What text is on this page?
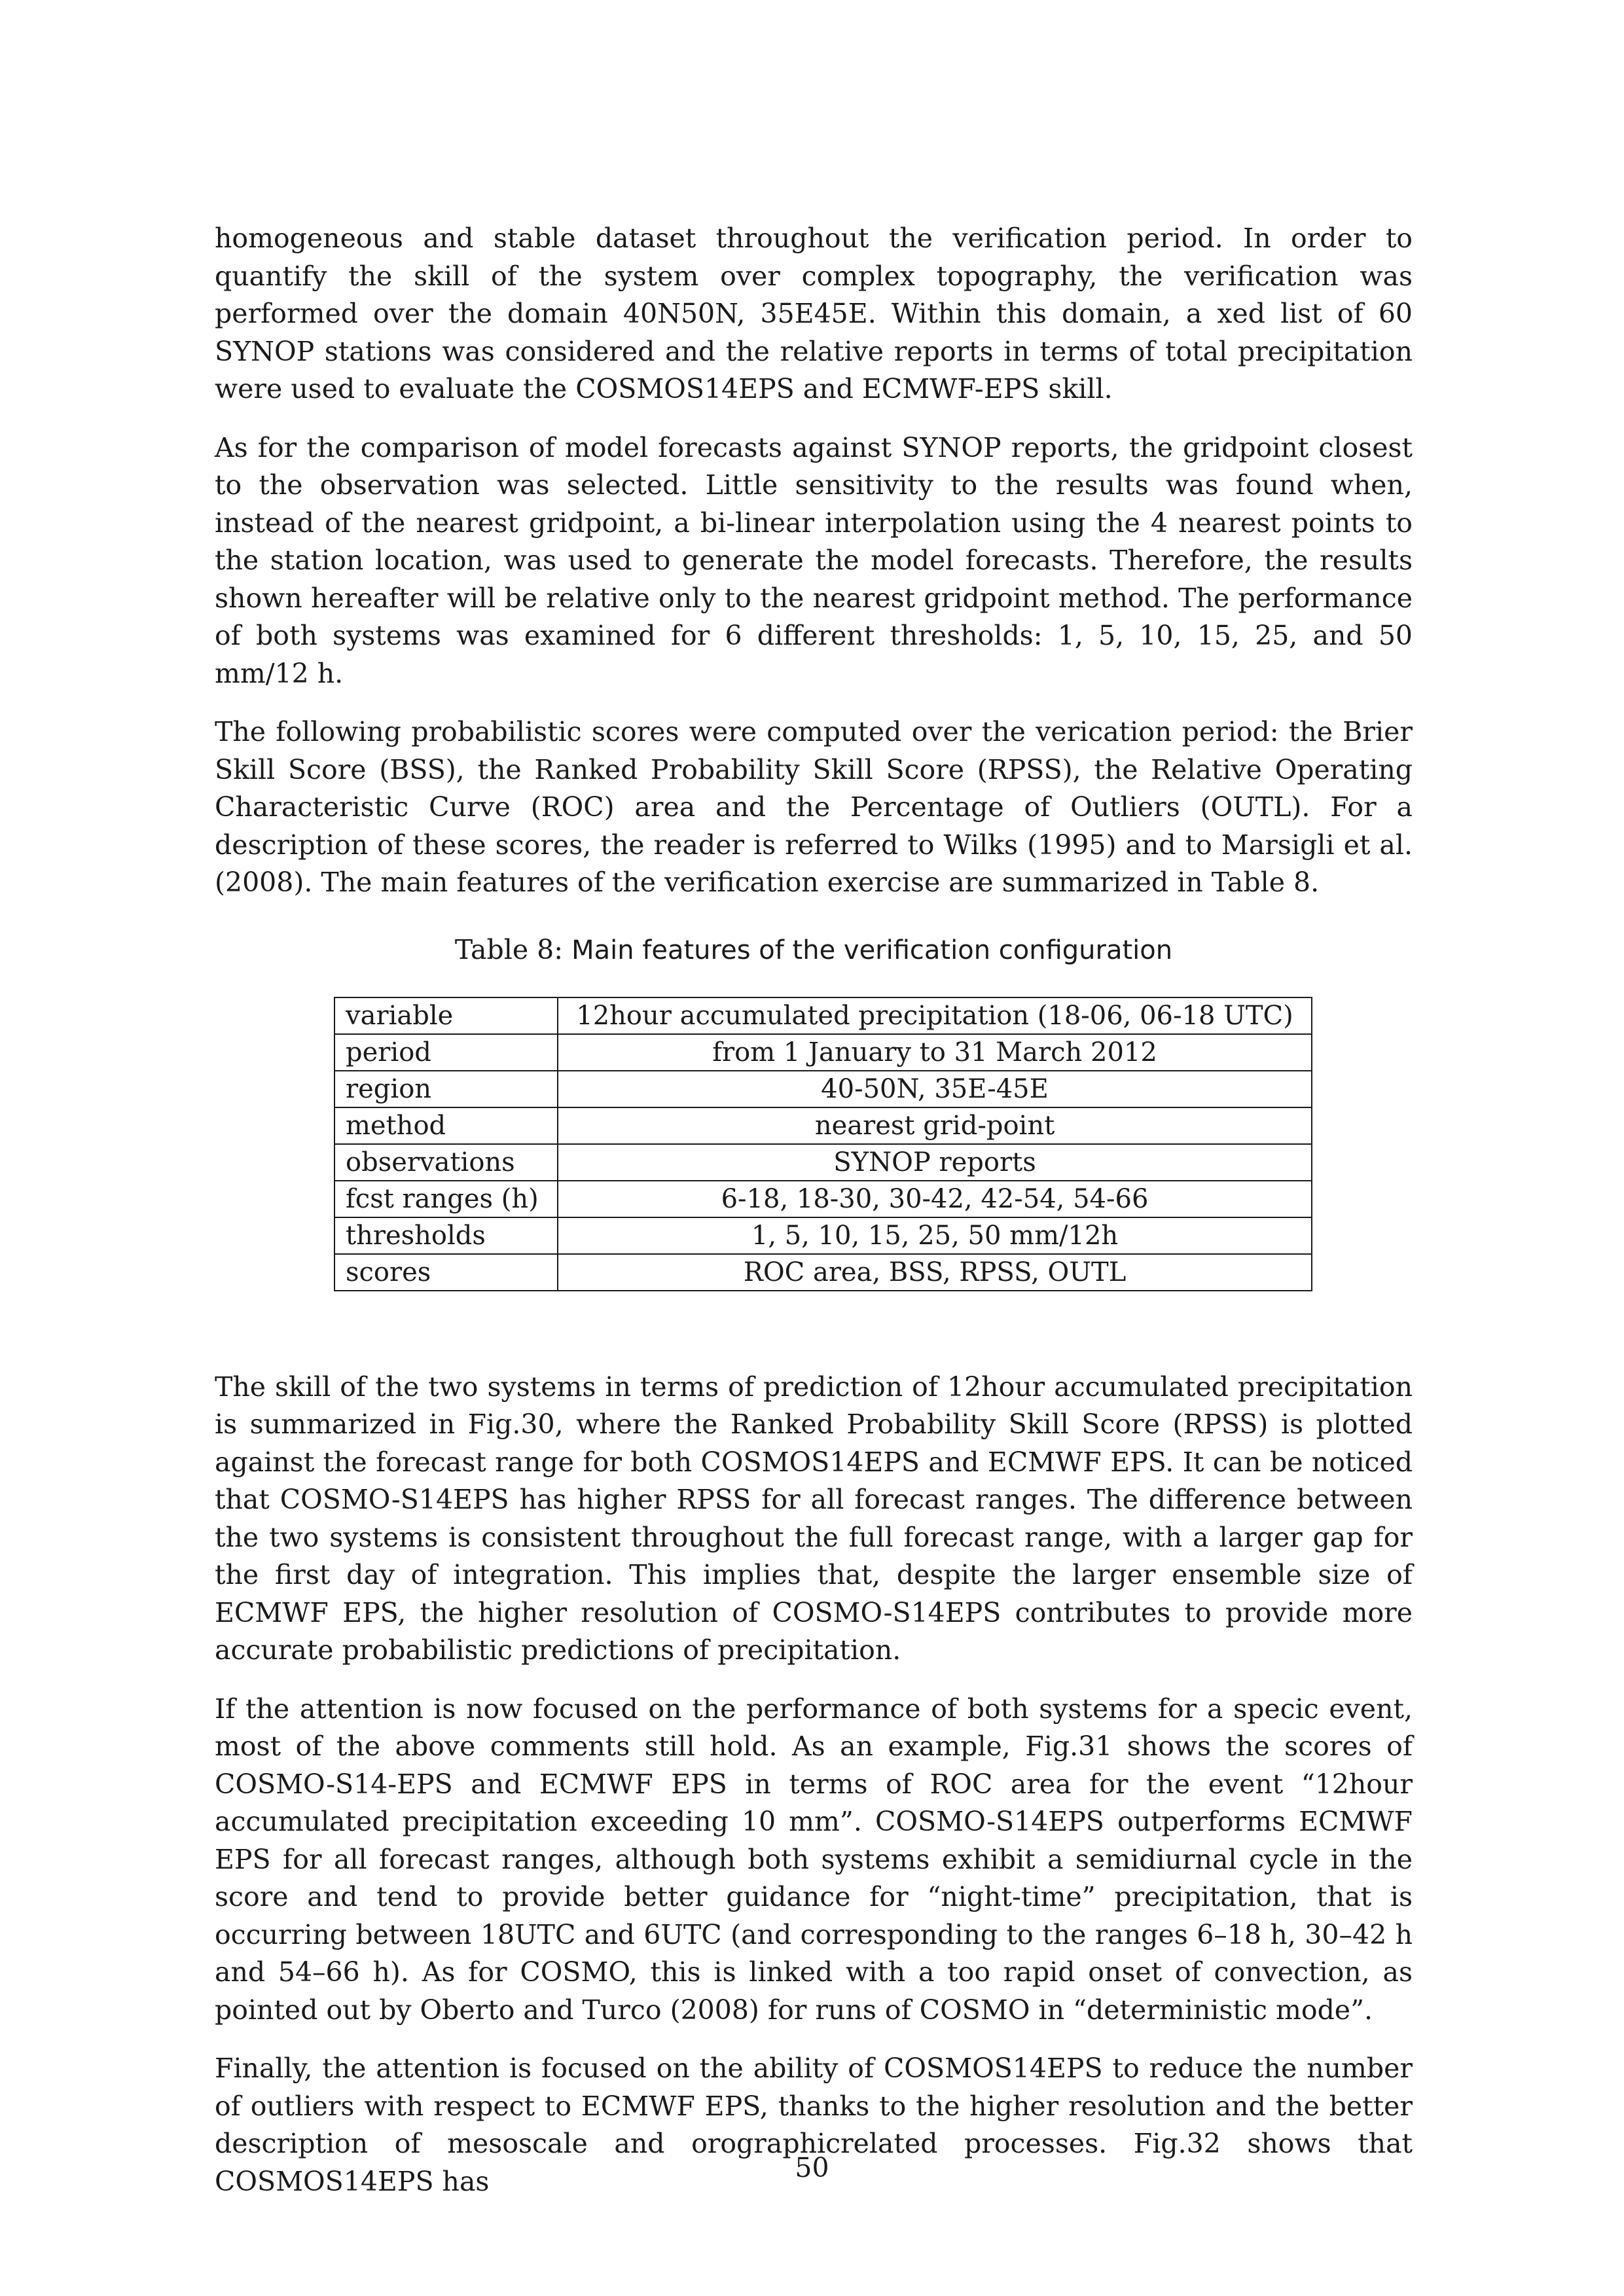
homogeneous and stable dataset throughout the verification period. In order to quantify the skill of the system over complex topography, the verification was performed over the domain 40N50N, 35E45E. Within this domain, a xed list of 60 SYNOP stations was considered and the relative reports in terms of total precipitation were used to evaluate the COSMOS14EPS and ECMWF-EPS skill.

As for the comparison of model forecasts against SYNOP reports, the gridpoint closest to the observation was selected. Little sensitivity to the results was found when, instead of the nearest gridpoint, a bi-linear interpolation using the 4 nearest points to the station location, was used to generate the model forecasts. Therefore, the results shown hereafter will be relative only to the nearest gridpoint method. The performance of both systems was examined for 6 different thresholds: 1, 5, 10, 15, 25, and 50 mm/12 h.

The following probabilistic scores were computed over the verication period: the Brier Skill Score (BSS), the Ranked Probability Skill Score (RPSS), the Relative Operating Characteristic Curve (ROC) area and the Percentage of Outliers (OUTL). For a description of these scores, the reader is referred to Wilks (1995) and to Marsigli et al. (2008). The main features of the verification exercise are summarized in Table 8.

Table 8: Main features of the verification configuration
variable	12hour accumulated precipitation (18-06, 06-18 UTC)
period	from 1 January to 31 March 2012
region	40-50N, 35E-45E
method	nearest grid-point
observations	SYNOP reports
fcst ranges (h)	6-18, 18-30, 30-42, 42-54, 54-66
thresholds	1, 5, 10, 15, 25, 50 mm/12h
scores	ROC area, BSS, RPSS, OUTL

The skill of the two systems in terms of prediction of 12hour accumulated precipitation is summarized in Fig.30, where the Ranked Probability Skill Score (RPSS) is plotted against the forecast range for both COSMOS14EPS and ECMWF EPS. It can be noticed that COSMO-S14EPS has higher RPSS for all forecast ranges. The difference between the two systems is consistent throughout the full forecast range, with a larger gap for the first day of integration. This implies that, despite the larger ensemble size of ECMWF EPS, the higher resolution of COSMO-S14EPS contributes to provide more accurate probabilistic predictions of precipitation.

If the attention is now focused on the performance of both systems for a specic event, most of the above comments still hold. As an example, Fig.31 shows the scores of COSMO-S14-EPS and ECMWF EPS in terms of ROC area for the event “12hour accumulated precipitation exceeding 10 mm”. COSMO-S14EPS outperforms ECMWF EPS for all forecast ranges, although both systems exhibit a semidiurnal cycle in the score and tend to provide better guidance for “night-time” precipitation, that is occurring between 18UTC and 6UTC (and corresponding to the ranges 6–18 h, 30–42 h and 54–66 h). As for COSMO, this is linked with a too rapid onset of convection, as pointed out by Oberto and Turco (2008) for runs of COSMO in “deterministic mode”.

Finally, the attention is focused on the ability of COSMOS14EPS to reduce the number of outliers with respect to ECMWF EPS, thanks to the higher resolution and the better description of mesoscale and orographicrelated processes. Fig.32 shows that COSMOS14EPS has	50
